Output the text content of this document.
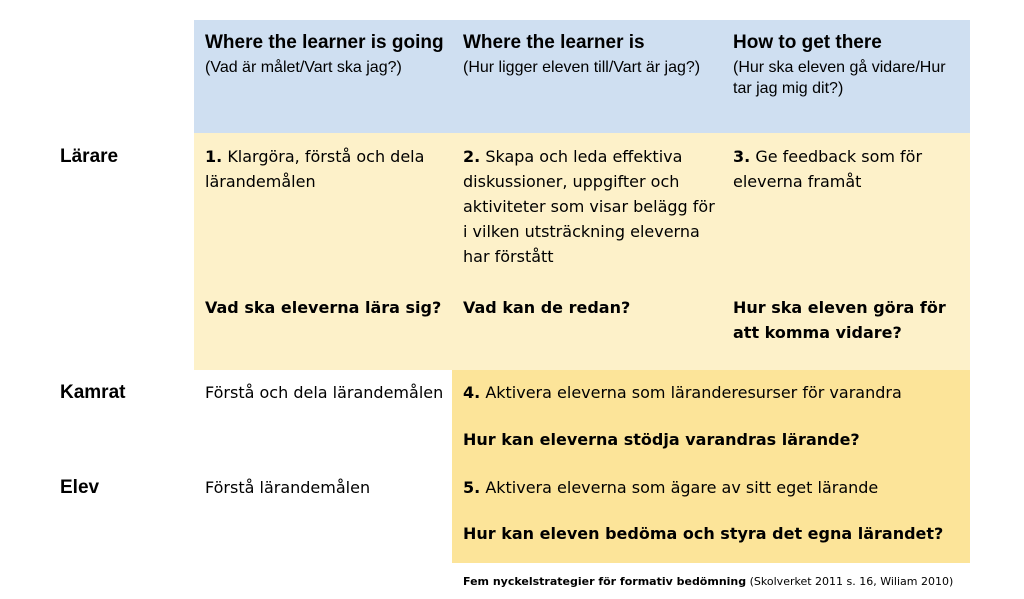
Where the learner is going
(Vad är målet/Vart ska jag?)
Where the learner is
(Hur ligger eleven till/Vart är jag?)
How to get there
(Hur ska eleven gå vidare/Hur tar jag mig dit?)
Lärare
Kamrat
Elev
1. Klargöra, förstå och dela lärandemålen
Vad ska eleverna lära sig?
2. Skapa och leda effektiva diskussioner, uppgifter och aktiviteter som visar belägg för i vilken utsträckning eleverna har förstått
Vad kan de redan?
3. Ge feedback som för eleverna framåt
Hur ska eleven göra för att komma vidare?
Förstå och dela lärandemålen 4. Aktivera eleverna som läranderesurser för varandra
Hur kan eleverna stödja varandras lärande?
Förstå lärandemålen	5. Aktivera eleverna som ägare av sitt eget lärande
Hur kan eleven bedöma och styra det egna lärandet?
Fem nyckelstrategier för formativ bedömning (Skolverket 2011 s. 16, Wiliam 2010)
